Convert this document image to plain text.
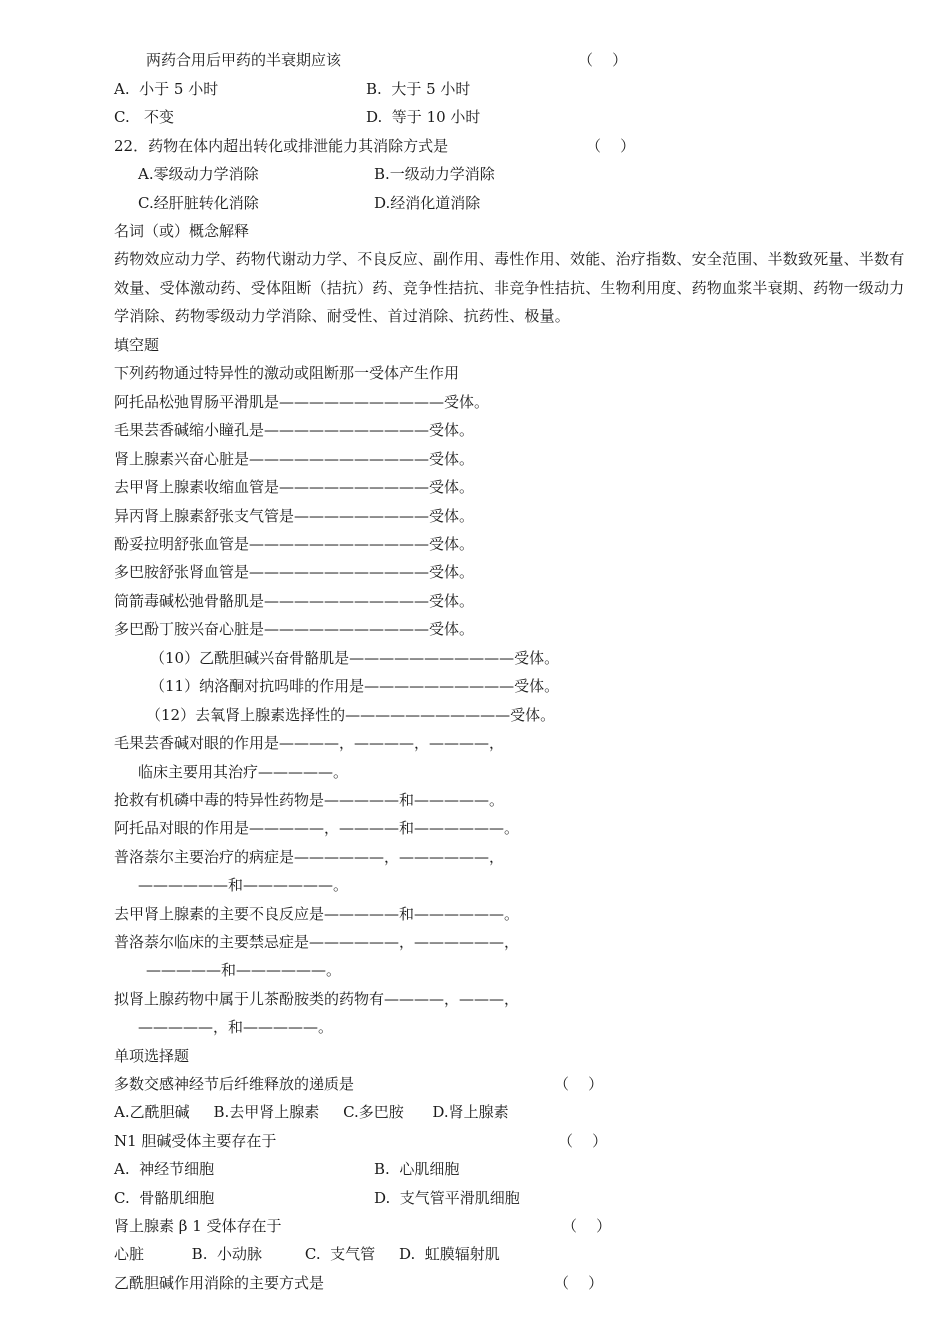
两药合用后甲药的半衰期应该	（    ）
A.  小于 5 小时	B.  大于 5 小时
C.   不变	D.  等于 10 小时
22．药物在体内超出转化或排泄能力其消除方式是	（    ）
A.零级动力学消除	B.一级动力学消除
C.经肝脏转化消除	D.经消化道消除
名词（或）概念解释
药物效应动力学、药物代谢动力学、不良反应、副作用、毒性作用、效能、治疗指数、安全范围、半数致死量、半数有效量、受体激动药、受体阻断（拮抗）药、竞争性拮抗、非竞争性拮抗、生物利用度、药物血浆半衰期、药物一级动力学消除、药物零级动力学消除、耐受性、首过消除、抗药性、极量。
填空题
下列药物通过特异性的激动或阻断那一受体产生作用
阿托品松弛胃肠平滑肌是———————————受体。
毛果芸香碱缩小瞳孔是———————————受体。
肾上腺素兴奋心脏是————————————受体。
去甲肾上腺素收缩血管是——————————受体。
异丙肾上腺素舒张支气管是—————————受体。
酚妥拉明舒张血管是————————————受体。
多巴胺舒张肾血管是————————————受体。
筒箭毒碱松弛骨骼肌是———————————受体。
多巴酚丁胺兴奋心脏是———————————受体。
（10）乙酰胆碱兴奋骨骼肌是———————————受体。
（11）纳洛酮对抗吗啡的作用是——————————受体。
（12）去氧肾上腺素选择性的———————————受体。
毛果芸香碱对眼的作用是————，————，————，
临床主要用其治疗—————。
抢救有机磷中毒的特异性药物是—————和—————。
阿托品对眼的作用是—————，————和——————。
普洛萘尔主要治疗的病症是——————，——————，
——————和——————。
去甲肾上腺素的主要不良反应是—————和——————。
普洛萘尔临床的主要禁忌症是——————，——————，
—————和——————。
拟肾上腺药物中属于儿茶酚胺类的药物有————，———，
—————，和—————。
单项选择题
多数交感神经节后纤维释放的递质是	（    ）
A.乙酰胆碱     B.去甲肾上腺素     C.多巴胺      D.肾上腺素
N1 胆碱受体主要存在于	（    ）
A.  神经节细胞	B.  心肌细胞
C.  骨骼肌细胞	D.  支气管平滑肌细胞
肾上腺素 β 1 受体存在于	（    ）
心脏          B.  小动脉         C.  支气管     D.  虹膜辐射肌
乙酰胆碱作用消除的主要方式是	（    ）
